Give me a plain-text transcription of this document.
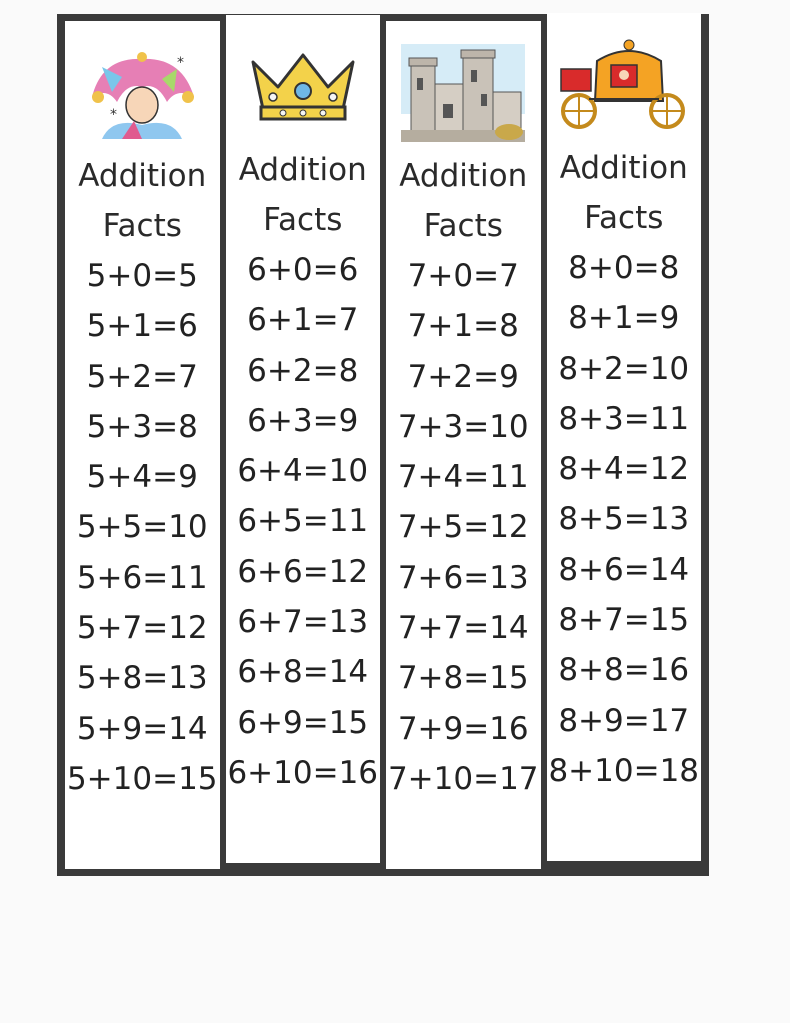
*
*
Addition
Facts
5+0=5
5+1=6
5+2=7
5+3=8
5+4=9
5+5=10
5+6=11
5+7=12
5+8=13
5+9=14
5+10=15
Addition
Facts
6+0=6
6+1=7
6+2=8
6+3=9
6+4=10
6+5=11
6+6=12
6+7=13
6+8=14
6+9=15
6+10=16
Addition
Facts
7+0=7
7+1=8
7+2=9
7+3=10
7+4=11
7+5=12
7+6=13
7+7=14
7+8=15
7+9=16
7+10=17
Addition
Facts
8+0=8
8+1=9
8+2=10
8+3=11
8+4=12
8+5=13
8+6=14
8+7=15
8+8=16
8+9=17
8+10=18
